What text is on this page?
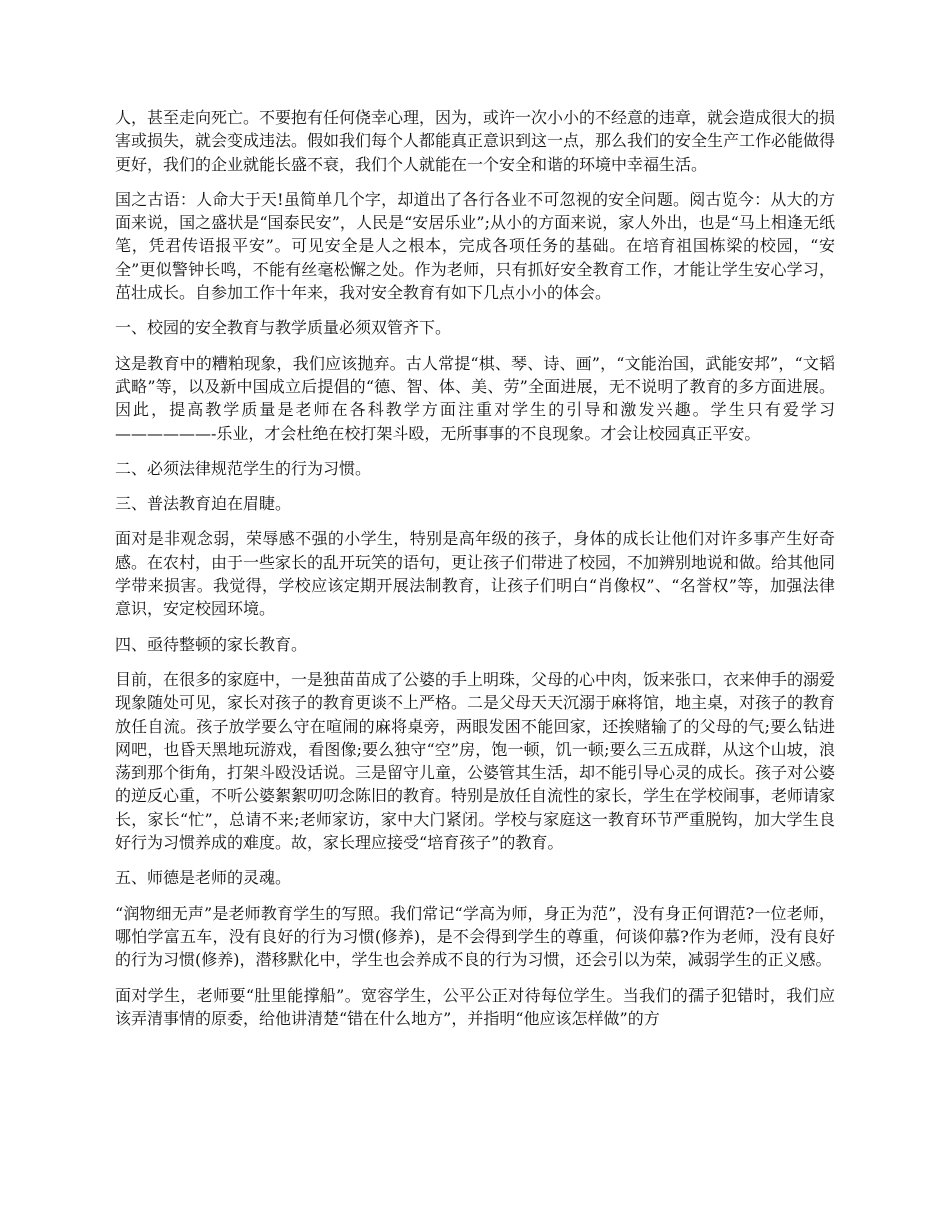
人，甚至走向死亡。不要抱有任何侥幸心理，因为，或许一次小小的不经意的违章，就会造成很大的损害或损失，就会变成违法。假如我们每个人都能真正意识到这一点，那么我们的安全生产工作必能做得更好，我们的企业就能长盛不衰，我们个人就能在一个安全和谐的环境中幸福生活。

国之古语：人命大于天!虽简单几个字，却道出了各行各业不可忽视的安全问题。阅古览今：从大的方面来说，国之盛状是“国泰民安”，人民是“安居乐业”;从小的方面来说，家人外出，也是“马上相逢无纸笔，凭君传语报平安”。可见安全是人之根本，完成各项任务的基础。在培育祖国栋梁的校园，“安全”更似警钟长鸣，不能有丝毫松懈之处。作为老师，只有抓好安全教育工作，才能让学生安心学习，茁壮成长。自参加工作十年来，我对安全教育有如下几点小小的体会。

一、校园的安全教育与教学质量必须双管齐下。

这是教育中的糟粕现象，我们应该抛弃。古人常提“棋、琴、诗、画”，“文能治国，武能安邦”，“文韬武略”等，以及新中国成立后提倡的“德、智、体、美、劳”全面进展，无不说明了教育的多方面进展。因此，提高教学质量是老师在各科教学方面注重对学生的引导和激发兴趣。学生只有爱学习——————-乐业，才会杜绝在校打架斗殴，无所事事的不良现象。才会让校园真正平安。

二、必须法律规范学生的行为习惯。

三、普法教育迫在眉睫。

面对是非观念弱，荣辱感不强的小学生，特别是高年级的孩子，身体的成长让他们对许多事产生好奇感。在农村，由于一些家长的乱开玩笑的语句，更让孩子们带进了校园，不加辨别地说和做。给其他同学带来损害。我觉得，学校应该定期开展法制教育，让孩子们明白“肖像权”、“名誉权”等，加强法律意识，安定校园环境。

四、亟待整顿的家长教育。

目前，在很多的家庭中，一是独苗苗成了公婆的手上明珠，父母的心中肉，饭来张口，衣来伸手的溺爱现象随处可见，家长对孩子的教育更谈不上严格。二是父母天天沉溺于麻将馆，地主桌，对孩子的教育放任自流。孩子放学要么守在喧闹的麻将桌旁，两眼发困不能回家，还挨赌输了的父母的气;要么钻进网吧，也昏天黑地玩游戏，看图像;要么独守“空”房，饱一顿，饥一顿;要么三五成群，从这个山坡，浪荡到那个街角，打架斗殴没话说。三是留守儿童，公婆管其生活，却不能引导心灵的成长。孩子对公婆的逆反心重，不听公婆絮絮叨叨念陈旧的教育。特别是放任自流性的家长，学生在学校闹事，老师请家长，家长“忙”，总请不来;老师家访，家中大门紧闭。学校与家庭这一教育环节严重脱钩，加大学生良好行为习惯养成的难度。故，家长理应接受“培育孩子”的教育。

五、师德是老师的灵魂。

“润物细无声”是老师教育学生的写照。我们常记“学高为师，身正为范”，没有身正何谓范?一位老师，哪怕学富五车，没有良好的行为习惯(修养)，是不会得到学生的尊重，何谈仰慕?作为老师，没有良好的行为习惯(修养)，潜移默化中，学生也会养成不良的行为习惯，还会引以为荣，减弱学生的正义感。

面对学生，老师要“肚里能撑船”。宽容学生，公平公正对待每位学生。当我们的孺子犯错时，我们应该弄清事情的原委，给他讲清楚“错在什么地方”，并指明“他应该怎样做”的方
